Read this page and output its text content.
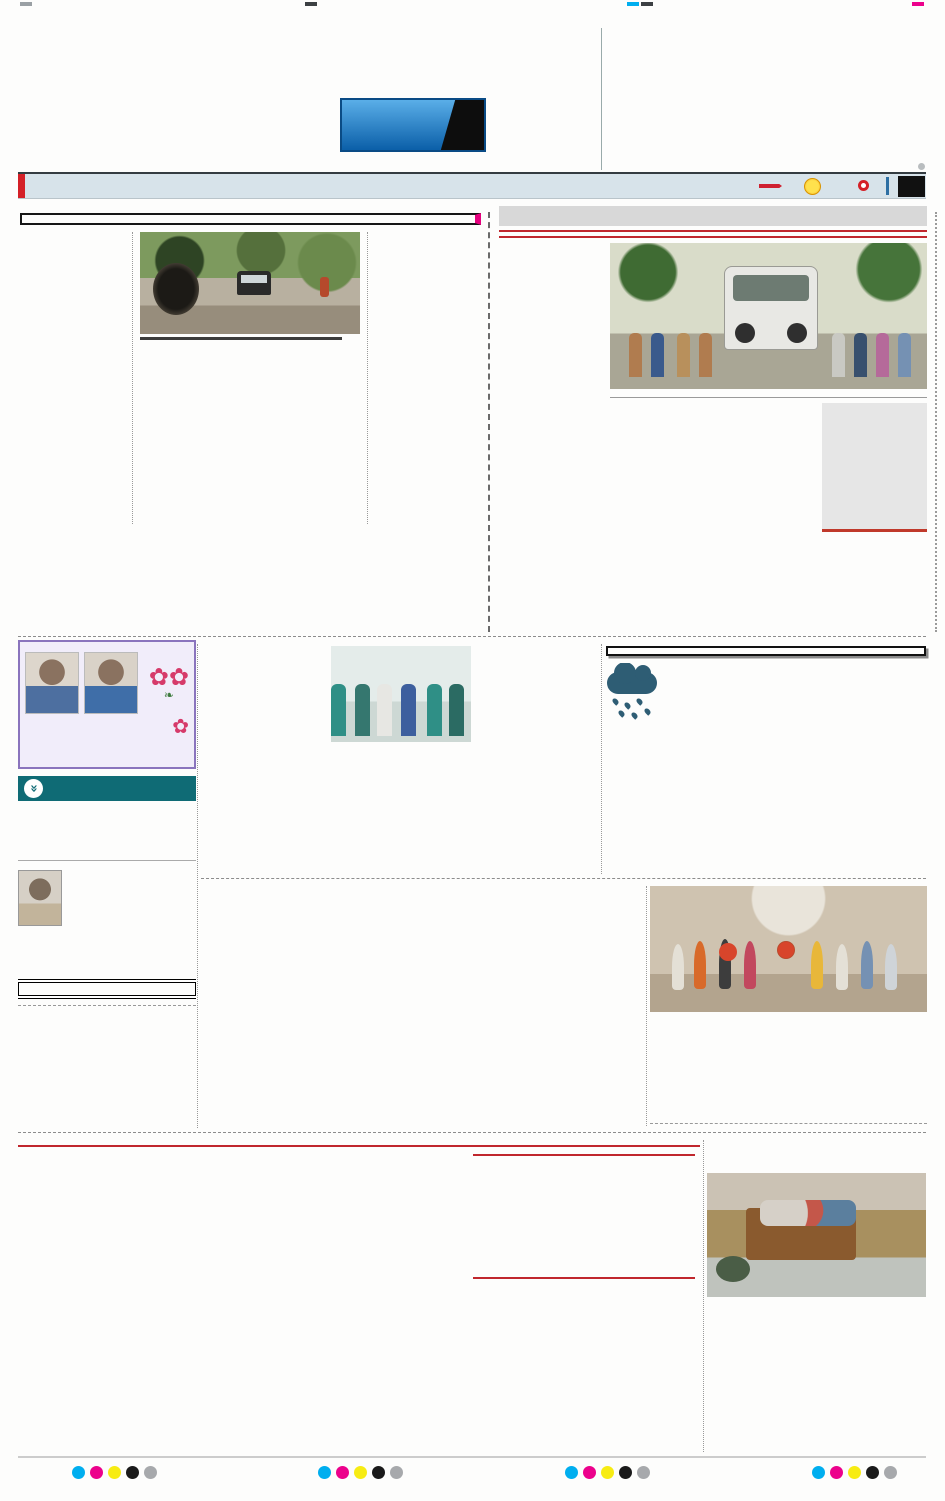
✿✿
❧

✿

»
